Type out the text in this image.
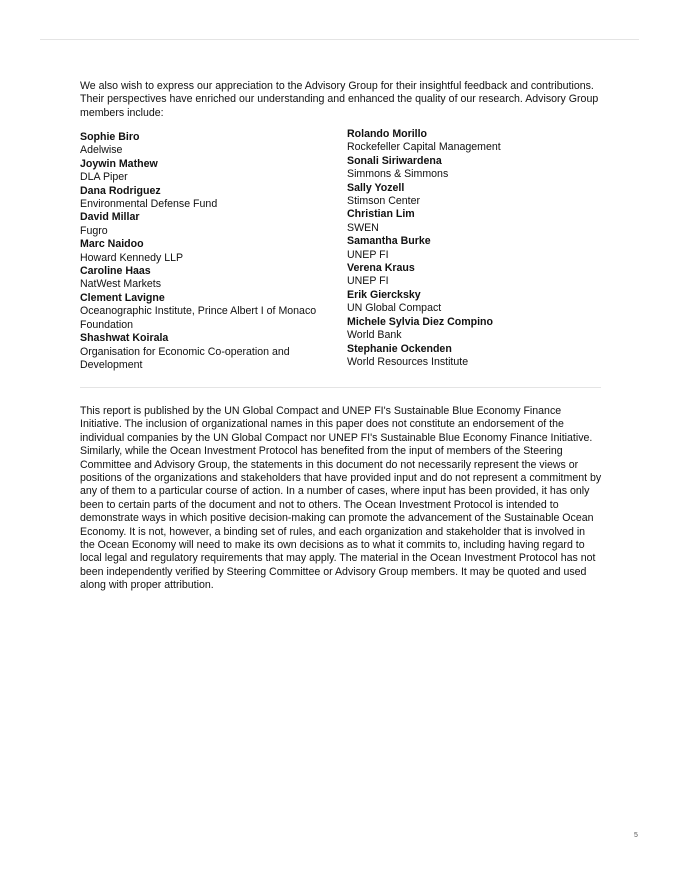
We also wish to express our appreciation to the Advisory Group for their insightful feedback and contributions. Their perspectives have enriched our understanding and enhanced the quality of our research. Advisory Group members include:

Sophie Biro
Adelwise
Joywin Mathew
DLA Piper
Dana Rodriguez
Environmental Defense Fund
David Millar
Fugro
Marc Naidoo
Howard Kennedy LLP
Caroline Haas
NatWest Markets
Clement Lavigne
Oceanographic Institute, Prince Albert I of Monaco Foundation
Shashwat Koirala
Organisation for Economic Co-operation and Development
Rolando Morillo
Rockefeller Capital Management
Sonali Siriwardena
Simmons & Simmons
Sally Yozell
Stimson Center
Christian Lim
SWEN
Samantha Burke
UNEP FI
Verena Kraus
UNEP FI
Erik Giercksky
UN Global Compact
Michele Sylvia Diez Compino
World Bank
Stephanie Ockenden
World Resources Institute

This report is published by the UN Global Compact and UNEP FI's Sustainable Blue Economy Finance Initiative. The inclusion of organizational names in this paper does not constitute an endorsement of the individual companies by the UN Global Compact nor UNEP FI's Sustainable Blue Economy Finance Initiative. Similarly, while the Ocean Investment Protocol has benefited from the input of members of the Steering Committee and Advisory Group, the statements in this document do not necessarily represent the views or positions of the organizations and stakeholders that have provided input and do not represent a commitment by any of them to a particular course of action. In a number of cases, where input has been provided, it has only been to certain parts of the document and not to others. The Ocean Investment Protocol is intended to demonstrate ways in which positive decision-making can promote the advancement of the Sustainable Ocean Economy. It is not, however, a binding set of rules, and each organization and stakeholder that is involved in the Ocean Economy will need to make its own decisions as to what it commits to, including having regard to local legal and regulatory requirements that may apply. The material in the Ocean Investment Protocol has not been independently verified by Steering Committee or Advisory Group members. It may be quoted and used along with proper attribution.

5
